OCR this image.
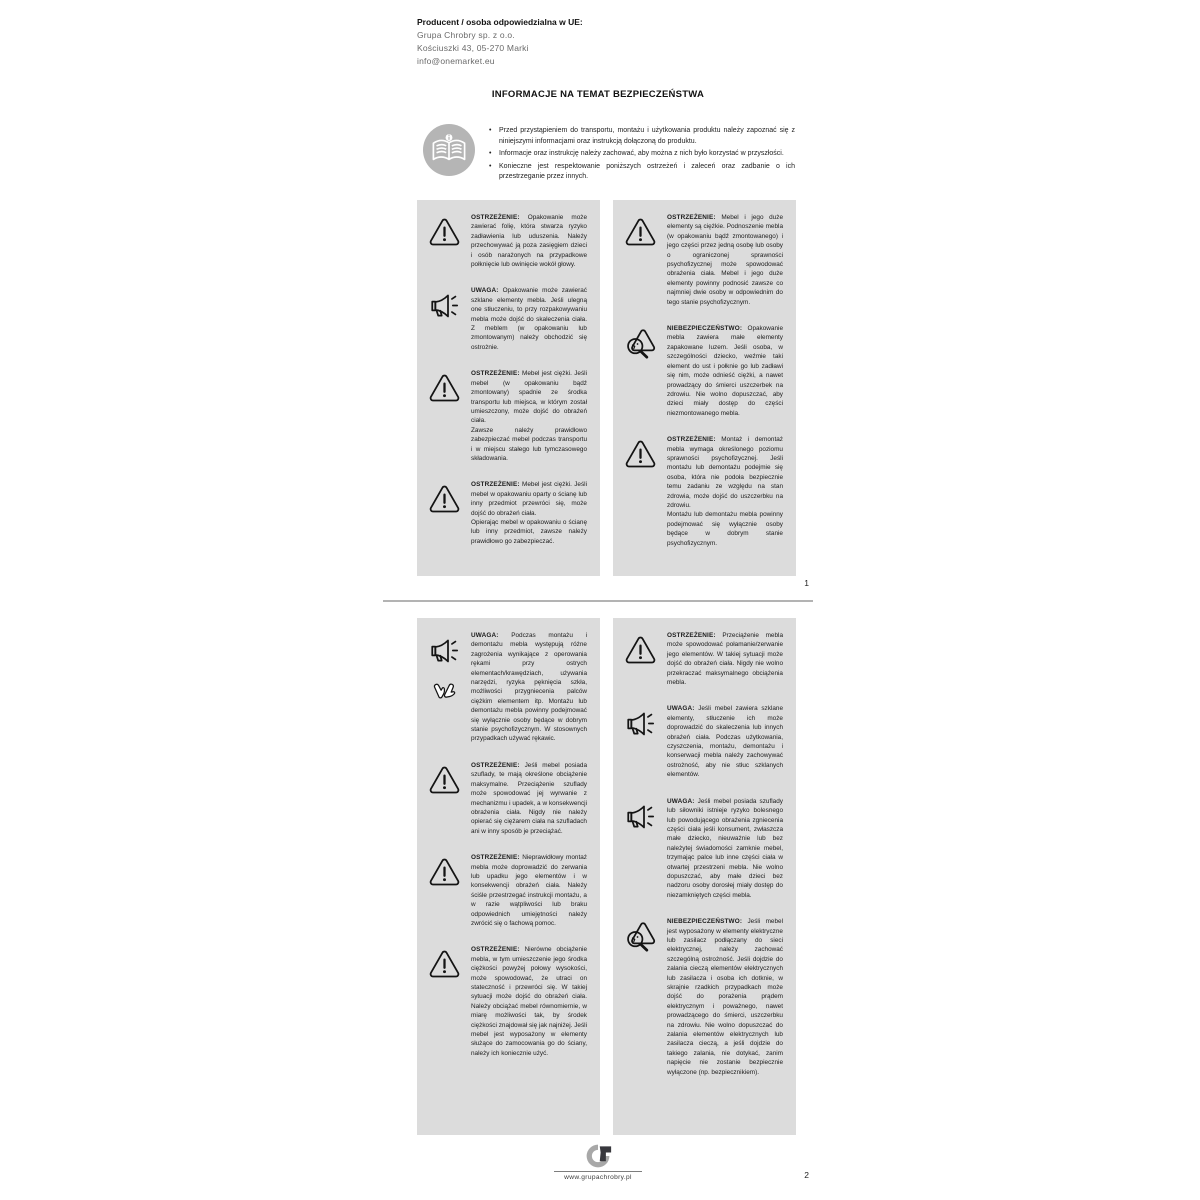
Producent / osoba odpowiedzialna w UE:
Grupa Chrobry sp. z o.o.
Kościuszki 43, 05-270 Marki
info@onemarket.eu
INFORMACJE NA TEMAT BEZPIECZEŃSTWA
• Przed przystąpieniem do transportu, montażu i użytkowania produktu należy zapoznać się z niniejszymi informacjami oraz instrukcją dołączoną do produktu.
• Informacje oraz instrukcję należy zachować, aby można z nich było korzystać w przyszłości.
• Konieczne jest respektowanie poniższych ostrzeżeń i zaleceń oraz zadbanie o ich przestrzeganie przez innych.

OSTRZEŻENIE: Opakowanie może zawierać folię, która stwarza ryzyko zadławienia lub uduszenia. Należy przechowywać ją poza zasięgiem dzieci i osób narażonych na przypadkowe połknięcie lub owinięcie wokół głowy.

UWAGA: Opakowanie może zawierać szklane elementy mebla. Jeśli ulegną one stłuczeniu, to przy rozpakowywaniu mebla może dojść do skaleczenia ciała. Z meblem (w opakowaniu lub zmontowanym) należy obchodzić się ostrożnie.

OSTRZEŻENIE: Mebel jest ciężki. Jeśli mebel (w opakowaniu bądź zmontowany) spadnie ze środka transportu lub miejsca, w którym został umieszczony, może dojść do obrażeń ciała.

Zawsze należy prawidłowo zabezpieczać mebel podczas transportu i w miejscu stałego lub tymczasowego składowania.

OSTRZEŻENIE: Mebel jest ciężki. Jeśli mebel w opakowaniu oparty o ścianę lub inny przedmiot przewróci się, może dojść do obrażeń ciała.

Opierając mebel w opakowaniu o ścianę lub inny przedmiot, zawsze należy prawidłowo go zabezpieczać.

OSTRZEŻENIE: Mebel i jego duże elementy są ciężkie. Podnoszenie mebla (w opakowaniu bądź zmontowanego) i jego części przez jedną osobę lub osoby o ograniczonej sprawności psychofizycznej może spowodować obrażenia ciała. Mebel i jego duże elementy powinny podnosić zawsze co najmniej dwie osoby w odpowiednim do tego stanie psychofizycznym.

NIEBEZPIECZEŃSTWO: Opakowanie mebla zawiera małe elementy zapakowane luzem. Jeśli osoba, w szczególności dziecko, weźmie taki element do ust i połknie go lub zadławi się nim, może odnieść ciężki, a nawet prowadzący do śmierci uszczerbek na zdrowiu. Nie wolno dopuszczać, aby dzieci miały dostęp do części niezmontowanego mebla.

OSTRZEŻENIE: Montaż i demontaż mebla wymaga określonego poziomu sprawności psychofizycznej. Jeśli montażu lub demontażu podejmie się osoba, która nie podoła bezpiecznie temu zadaniu ze względu na stan zdrowia, może dojść do uszczerbku na zdrowiu.

Montażu lub demontażu mebla powinny podejmować się wyłącznie osoby będące w dobrym stanie psychofizycznym.

1

UWAGA: Podczas montażu i demontażu mebla występują różne zagrożenia wynikające z operowania rękami przy ostrych elementach/krawędziach, używania narzędzi, ryzyka pęknięcia szkła, możliwości przygniecenia palców ciężkim elementem itp. Montażu lub demontażu mebla powinny podejmować się wyłącznie osoby będące w dobrym stanie psychofizycznym. W stosownych przypadkach używać rękawic.

OSTRZEŻENIE: Jeśli mebel posiada szuflady, te mają określone obciążenie maksymalne. Przeciążenie szuflady może spowodować jej wyrwanie z mechanizmu i upadek, a w konsekwencji obrażenia ciała. Nigdy nie należy opierać się ciężarem ciała na szufladach ani w inny sposób je przeciążać.

OSTRZEŻENIE: Nieprawidłowy montaż mebla może doprowadzić do zerwania lub upadku jego elementów i w konsekwencji obrażeń ciała. Należy ściśle przestrzegać instrukcji montażu, a w razie wątpliwości lub braku odpowiednich umiejętności należy zwrócić się o fachową pomoc.

OSTRZEŻENIE: Nierówne obciążenie mebla, w tym umieszczenie jego środka ciężkości powyżej połowy wysokości, może spowodować, że utraci on stateczność i przewróci się. W takiej sytuacji może dojść do obrażeń ciała. Należy obciążać mebel równomiernie, w miarę możliwości tak, by środek ciężkości znajdował się jak najniżej. Jeśli mebel jest wyposażony w elementy służące do zamocowania go do ściany, należy ich koniecznie użyć.

OSTRZEŻENIE: Przeciążenie mebla może spowodować połamanie/zerwanie jego elementów. W takiej sytuacji może dojść do obrażeń ciała. Nigdy nie wolno przekraczać maksymalnego obciążenia mebla.

UWAGA: Jeśli mebel zawiera szklane elementy, stłuczenie ich może doprowadzić do skaleczenia lub innych obrażeń ciała. Podczas użytkowania, czyszczenia, montażu, demontażu i konserwacji mebla należy zachowywać ostrożność, aby nie stłuc szklanych elementów.

UWAGA: Jeśli mebel posiada szuflady lub siłowniki istnieje ryzyko bolesnego lub powodującego obrażenia zgniecenia części ciała jeśli konsument, zwłaszcza małe dziecko, nieuważnie lub bez należytej świadomości zamknie mebel, trzymając palce lub inne części ciała w otwartej przestrzeni mebla. Nie wolno dopuszczać, aby małe dzieci bez nadzoru osoby dorosłej miały dostęp do niezamkniętych części mebla.

NIEBEZPIECZEŃSTWO: Jeśli mebel jest wyposażony w elementy elektryczne lub zasilacz podłączany do sieci elektrycznej, należy zachować szczególną ostrożność. Jeśli dojdzie do zalania cieczą elementów elektrycznych lub zasilacza i osoba ich dotknie, w skrajnie rzadkich przypadkach może dojść do porażenia prądem elektrycznym i poważnego, nawet prowadzącego do śmierci, uszczerbku na zdrowiu. Nie wolno dopuszczać do zalania elementów elektrycznych lub zasilacza cieczą, a jeśli dojdzie do takiego zalania, nie dotykać, zanim napięcie nie zostanie bezpiecznie wyłączone (np. bezpiecznikiem).

www.grupachrobry.pl	2
